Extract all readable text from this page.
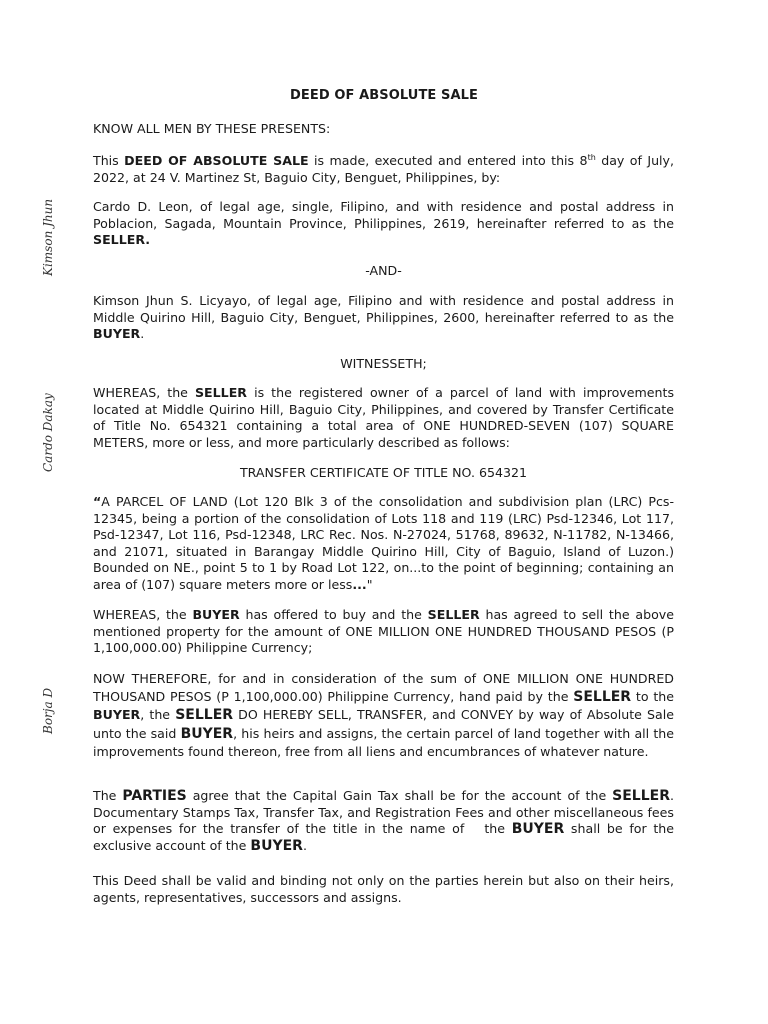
Kimson Jhun
Cardo Dakay
Borja D
DEED OF ABSOLUTE SALE
KNOW ALL MEN BY THESE PRESENTS:
This DEED OF ABSOLUTE SALE is made, executed and entered into this 8th day of July, 2022, at 24 V. Martinez St, Baguio City, Benguet, Philippines, by:
Cardo D. Leon, of legal age, single, Filipino, and with residence and postal address in Poblacion, Sagada, Mountain Province, Philippines, 2619, hereinafter referred to as the SELLER.
-AND-
Kimson Jhun S. Licyayo, of legal age, Filipino and with residence and postal address in Middle Quirino Hill, Baguio City, Benguet, Philippines, 2600, hereinafter referred to as the BUYER.
WITNESSETH;
WHEREAS, the SELLER is the registered owner of a parcel of land with improvements located at Middle Quirino Hill, Baguio City, Philippines, and covered by Transfer Certificate of Title No. 654321 containing a total area of ONE HUNDRED-SEVEN (107) SQUARE METERS, more or less, and more particularly described as follows:
TRANSFER CERTIFICATE OF TITLE NO. 654321
“A PARCEL OF LAND (Lot 120 Blk 3 of the consolidation and subdivision plan (LRC) Pcs-12345, being a portion of the consolidation of Lots 118 and 119 (LRC) Psd-12346, Lot 117, Psd-12347, Lot 116, Psd-12348, LRC Rec. Nos. N-27024, 51768, 89632, N-11782, N-13466, and 21071, situated in Barangay Middle Quirino Hill, City of Baguio, Island of Luzon.) Bounded on NE., point 5 to 1 by Road Lot 122, on...to the point of beginning; containing an area of (107) square meters more or less..."
WHEREAS, the BUYER has offered to buy and the SELLER has agreed to sell the above mentioned property for the amount of ONE MILLION ONE HUNDRED THOUSAND PESOS (P 1,100,000.00) Philippine Currency;
NOW THEREFORE, for and in consideration of the sum of ONE MILLION ONE HUNDRED THOUSAND PESOS (P 1,100,000.00) Philippine Currency, hand paid by the SELLER to the BUYER, the SELLER DO HEREBY SELL, TRANSFER, and CONVEY by way of Absolute Sale unto the said BUYER, his heirs and assigns, the certain parcel of land together with all the improvements found thereon, free from all liens and encumbrances of whatever nature.
The PARTIES agree that the Capital Gain Tax shall be for the account of the SELLER. Documentary Stamps Tax, Transfer Tax, and Registration Fees and other miscellaneous fees or expenses for the transfer of the title in the name of   the BUYER shall be for the exclusive account of the BUYER.
This Deed shall be valid and binding not only on the parties herein but also on their heirs, agents, representatives, successors and assigns.
